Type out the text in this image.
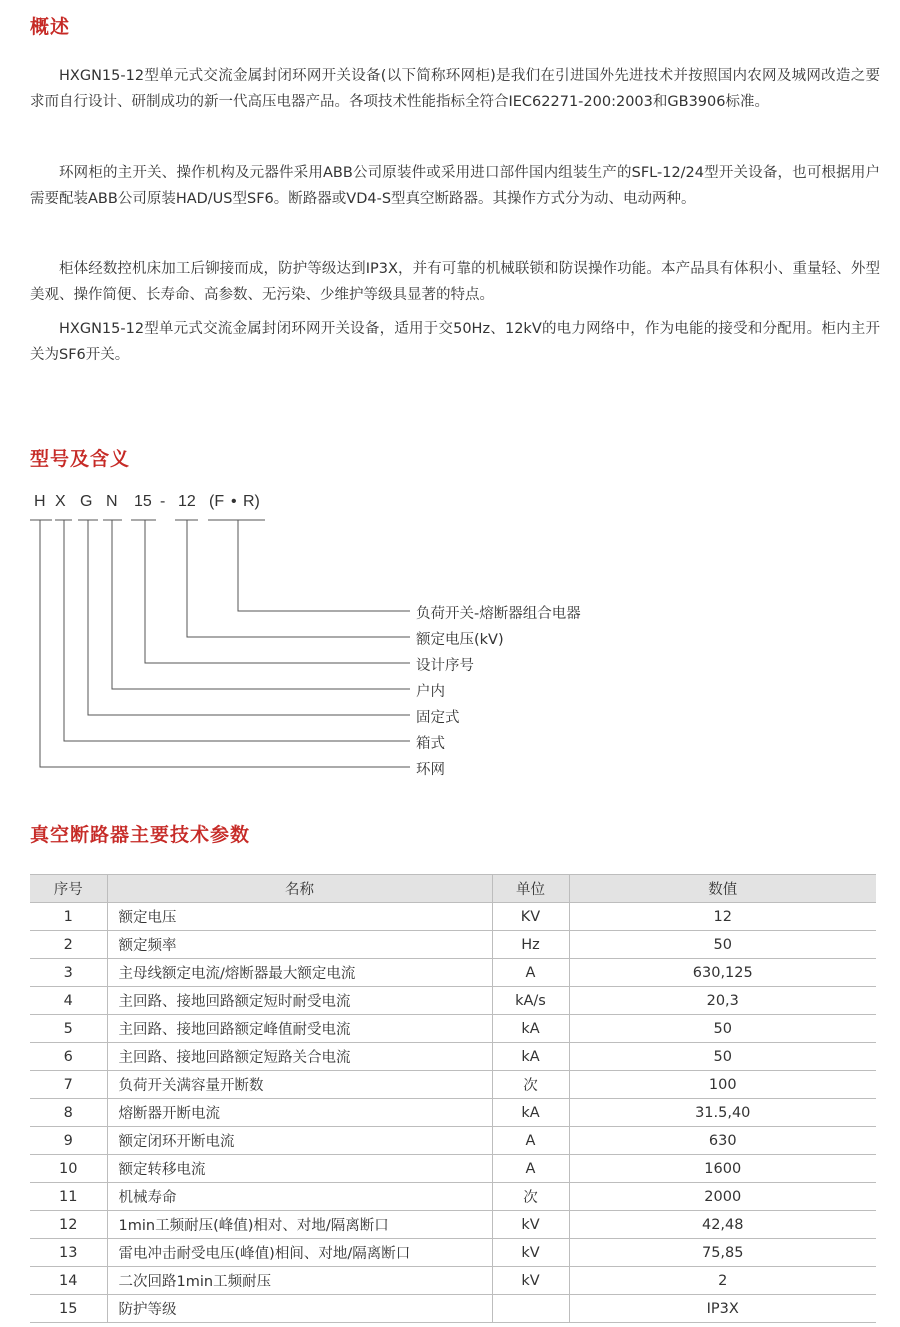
概述

HXGN15-12型单元式交流金属封闭环网开关设备(以下简称环网柜)是我们在引进国外先进技术并按照国内农网及城网改造之要求而自行设计、研制成功的新一代高压电器产品。各项技术性能指标全符合IEC62271-200:2003和GB3906标准。

环网柜的主开关、操作机构及元器件采用ABB公司原装件或采用进口部件国内组装生产的SFL-12/24型开关设备，也可根据用户需要配装ABB公司原装HAD/US型SF6。断路器或VD4-S型真空断路器。其操作方式分为动、电动两种。

柜体经数控机床加工后铆接而成，防护等级达到IP3X，并有可靠的机械联锁和防误操作功能。本产品具有体积小、重量轻、外型美观、操作简便、长寿命、高参数、无污染、少维护等级具显著的特点。

HXGN15-12型单元式交流金属封闭环网开关设备，适用于交50Hz、12kV的电力网络中，作为电能的接受和分配用。柜内主开关为SF6开关。

型号及含义
H X G N 15 - 12 (F • R)
负荷开关-熔断器组合电器
额定电压(kV)
设计序号
户内
固定式
箱式
环网
真空断路器主要技术参数
序号	名称	单位	数值
1	额定电压	KV	12
2	额定频率	Hz	50
3	主母线额定电流/熔断器最大额定电流	A	630,125
4	主回路、接地回路额定短时耐受电流	kA/s	20,3
5	主回路、接地回路额定峰值耐受电流	kA	50
6	主回路、接地回路额定短路关合电流	kA	50
7	负荷开关满容量开断数	次	100
8	熔断器开断电流	kA	31.5,40
9	额定闭环开断电流	A	630
10	额定转移电流	A	1600
11	机械寿命	次	2000
12	1min工频耐压(峰值)相对、对地/隔离断口	kV	42,48
13	雷电冲击耐受电压(峰值)相间、对地/隔离断口	kV	75,85
14	二次回路1min工频耐压	kV	2
15	防护等级		IP3X
